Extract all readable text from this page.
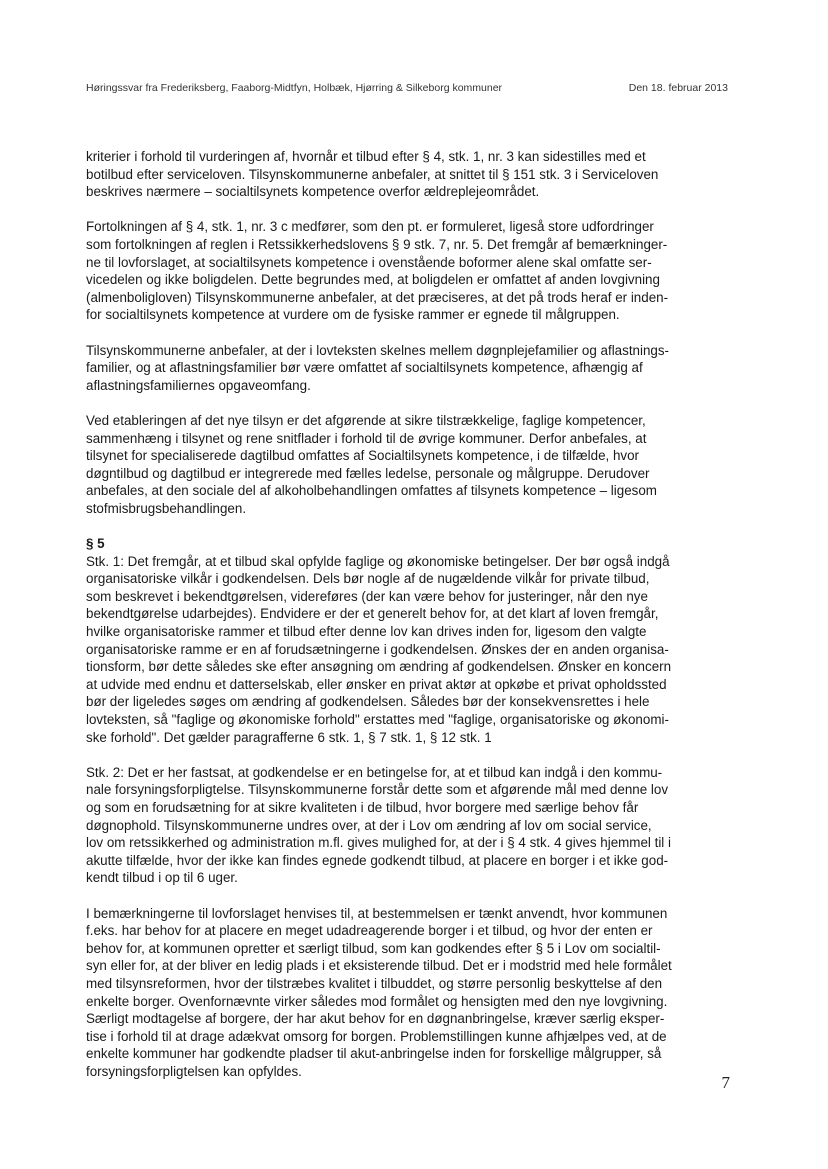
Høringssvar fra Frederiksberg, Faaborg-Midtfyn, Holbæk, Hjørring & Silkeborg kommuner	Den 18. februar 2013
kriterier i forhold til vurderingen af, hvornår et tilbud efter § 4, stk. 1, nr. 3 kan sidestilles med et
botilbud efter serviceloven. Tilsynskommunerne anbefaler, at snittet til § 151 stk. 3 i Serviceloven
beskrives nærmere – socialtilsynets kompetence overfor ældreplejeområdet.
Fortolkningen af § 4, stk. 1, nr. 3 c medfører, som den pt. er formuleret, ligeså store udfordringer
som fortolkningen af reglen i Retssikkerhedslovens § 9 stk. 7, nr. 5. Det fremgår af bemærkninger-
ne til lovforslaget, at socialtilsynets kompetence i ovenstående boformer alene skal omfatte ser-
vicedelen og ikke boligdelen. Dette begrundes med, at boligdelen er omfattet af anden lovgivning
(almenboligloven) Tilsynskommunerne anbefaler, at det præciseres, at det på trods heraf er inden-
for socialtilsynets kompetence at vurdere om de fysiske rammer er egnede til målgruppen.
Tilsynskommunerne anbefaler, at der i lovteksten skelnes mellem døgnplejefamilier og aflastnings-
familier, og at aflastningsfamilier bør være omfattet af socialtilsynets kompetence, afhængig af
aflastningsfamiliernes opgaveomfang.
Ved etableringen af det nye tilsyn er det afgørende at sikre tilstrækkelige, faglige kompetencer,
sammenhæng i tilsynet og rene snitflader i forhold til de øvrige kommuner. Derfor anbefales, at
tilsynet for specialiserede dagtilbud omfattes af Socialtilsynets kompetence, i de tilfælde, hvor
døgntilbud og dagtilbud er integrerede med fælles ledelse, personale og målgruppe. Derudover
anbefales, at den sociale del af alkoholbehandlingen omfattes af tilsynets kompetence – ligesom
stofmisbrugsbehandlingen.
§ 5
Stk. 1: Det fremgår, at et tilbud skal opfylde faglige og økonomiske betingelser. Der bør også indgå
organisatoriske vilkår i godkendelsen. Dels bør nogle af de nugældende vilkår for private tilbud,
som beskrevet i bekendtgørelsen, videreføres (der kan være behov for justeringer, når den nye
bekendtgørelse udarbejdes). Endvidere er der et generelt behov for, at det klart af loven fremgår,
hvilke organisatoriske rammer et tilbud efter denne lov kan drives inden for, ligesom den valgte
organisatoriske ramme er en af forudsætningerne i godkendelsen. Ønskes der en anden organisa-
tionsform, bør dette således ske efter ansøgning om ændring af godkendelsen. Ønsker en koncern
at udvide med endnu et datterselskab, eller ønsker en privat aktør at opkøbe et privat opholdssted
bør der ligeledes søges om ændring af godkendelsen. Således bør der konsekvensrettes i hele
lovteksten, så "faglige og økonomiske forhold" erstattes med "faglige, organisatoriske og økonomi-
ske forhold". Det gælder paragrafferne 6 stk. 1, § 7 stk. 1, § 12 stk. 1
Stk. 2: Det er her fastsat, at godkendelse er en betingelse for, at et tilbud kan indgå i den kommu-
nale forsyningsforpligtelse. Tilsynskommunerne forstår dette som et afgørende mål med denne lov
og som en forudsætning for at sikre kvaliteten i de tilbud, hvor borgere med særlige behov får
døgnophold. Tilsynskommunerne undres over, at der i Lov om ændring af lov om social service,
lov om retssikkerhed og administration m.fl. gives mulighed for, at der i § 4 stk. 4 gives hjemmel til i
akutte tilfælde, hvor der ikke kan findes egnede godkendt tilbud, at placere en borger i et ikke god-
kendt tilbud i op til 6 uger.
I bemærkningerne til lovforslaget henvises til, at bestemmelsen er tænkt anvendt, hvor kommunen
f.eks. har behov for at placere en meget udadreagerende borger i et tilbud, og hvor der enten er
behov for, at kommunen opretter et særligt tilbud, som kan godkendes efter § 5 i Lov om socialtil-
syn eller for, at der bliver en ledig plads i et eksisterende tilbud. Det er i modstrid med hele formålet
med tilsynsreformen, hvor der tilstræbes kvalitet i tilbuddet, og større personlig beskyttelse af den
enkelte borger. Ovenfornævnte virker således mod formålet og hensigten med den nye lovgivning.
Særligt modtagelse af borgere, der har akut behov for en døgnanbringelse, kræver særlig eksper-
tise i forhold til at drage adækvat omsorg for borgen. Problemstillingen kunne afhjælpes ved, at de
enkelte kommuner har godkendte pladser til akut-anbringelse inden for forskellige målgrupper, så
forsyningsforpligtelsen kan opfyldes.
7
